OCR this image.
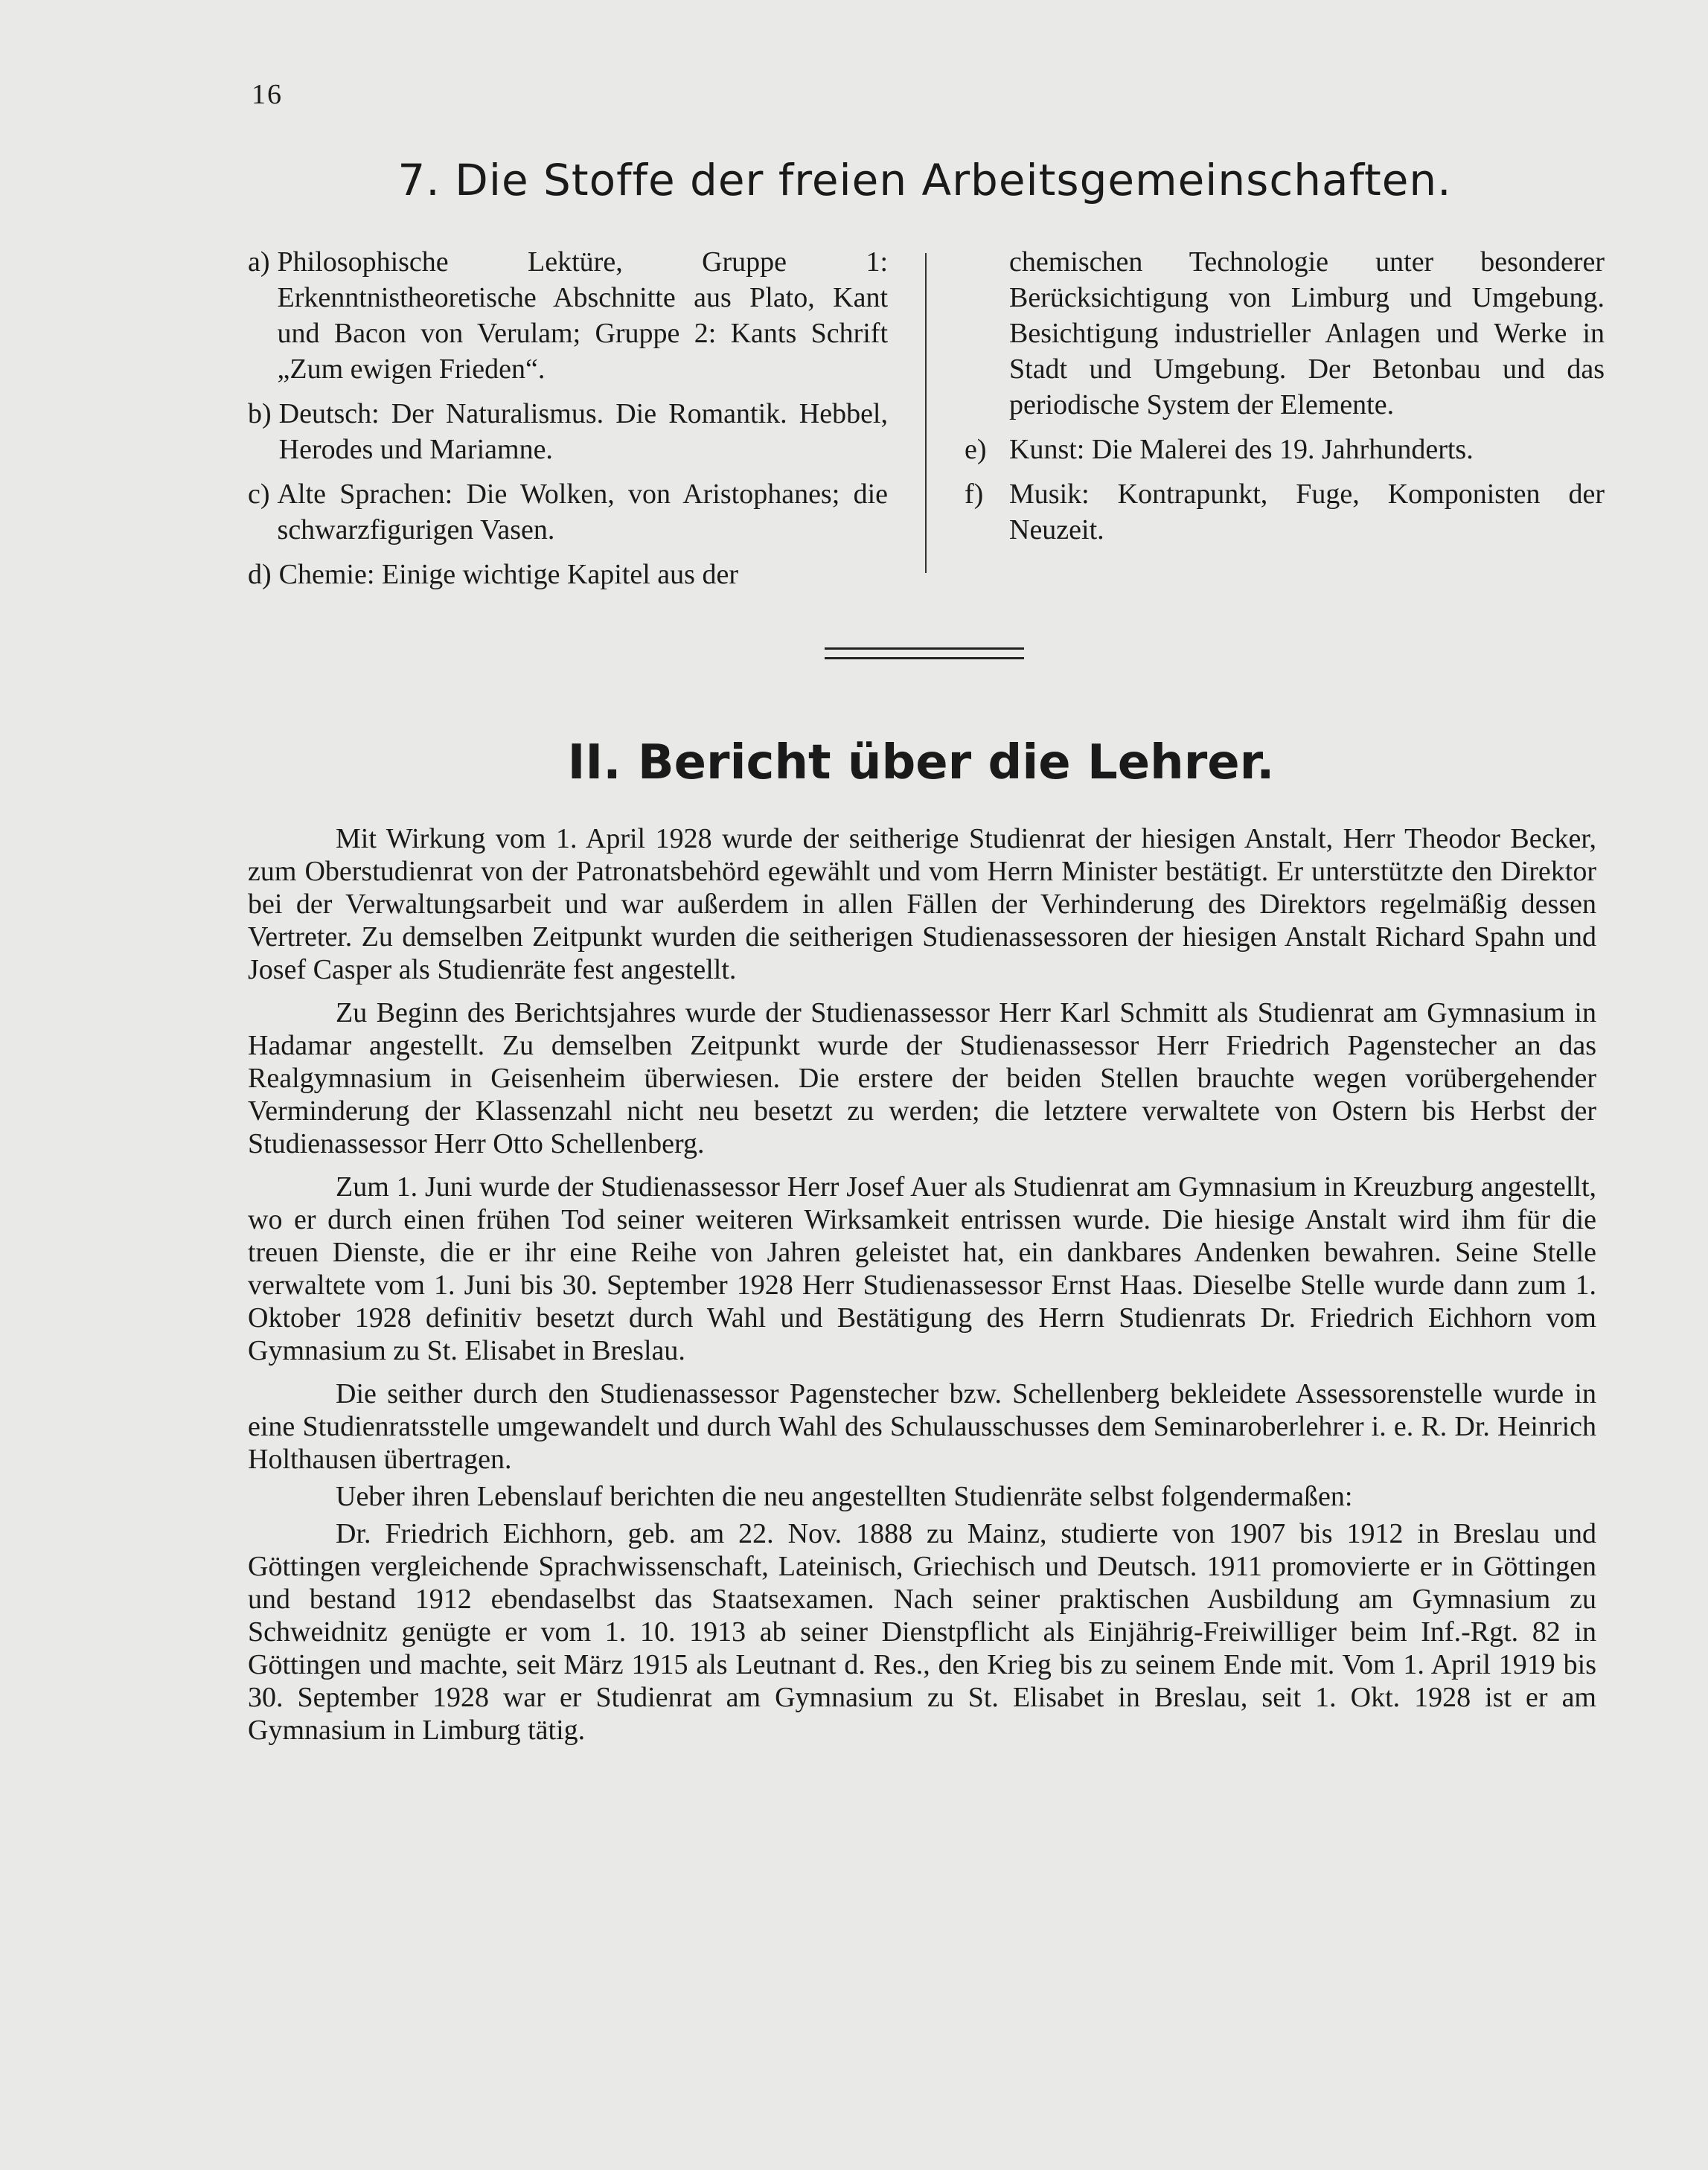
16
7. Die Stoffe der freien Arbeitsgemeinschaften.
a) Philosophische Lektüre, Gruppe 1: Erkenntnistheoretische Abschnitte aus Plato, Kant und Bacon von Verulam; Gruppe 2: Kants Schrift „Zum ewigen Frieden“.
b) Deutsch: Der Naturalismus. Die Romantik. Hebbel, Herodes und Mariamne.
c) Alte Sprachen: Die Wolken, von Aristophanes; die schwarzfigurigen Vasen.
d) Chemie: Einige wichtige Kapitel aus der
chemischen Technologie unter besonderer Berücksichtigung von Limburg und Umgebung. Besichtigung industrieller Anlagen und Werke in Stadt und Umgebung. Der Betonbau und das periodische System der Elemente.
e) Kunst: Die Malerei des 19. Jahrhunderts.
f) Musik: Kontrapunkt, Fuge, Komponisten der Neuzeit.
II. Bericht über die Lehrer.

Mit Wirkung vom 1. April 1928 wurde der seitherige Studienrat der hiesigen Anstalt, Herr Theodor Becker, zum Oberstudienrat von der Patronatsbehörd egewählt und vom Herrn Minister bestätigt. Er unterstützte den Direktor bei der Verwaltungsarbeit und war außerdem in allen Fällen der Verhinderung des Direktors regelmäßig dessen Vertreter. Zu demselben Zeitpunkt wurden die seitherigen Studienassessoren der hiesigen Anstalt Richard Spahn und Josef Casper als Studienräte fest angestellt.

Zu Beginn des Berichtsjahres wurde der Studienassessor Herr Karl Schmitt als Studienrat am Gymnasium in Hadamar angestellt. Zu demselben Zeitpunkt wurde der Studienassessor Herr Friedrich Pagenstecher an das Realgymnasium in Geisenheim überwiesen. Die erstere der beiden Stellen brauchte wegen vorübergehender Verminderung der Klassenzahl nicht neu besetzt zu werden; die letztere verwaltete von Ostern bis Herbst der Studienassessor Herr Otto Schellenberg.

Zum 1. Juni wurde der Studienassessor Herr Josef Auer als Studienrat am Gymnasium in Kreuzburg angestellt, wo er durch einen frühen Tod seiner weiteren Wirksamkeit entrissen wurde. Die hiesige Anstalt wird ihm für die treuen Dienste, die er ihr eine Reihe von Jahren geleistet hat, ein dankbares Andenken bewahren. Seine Stelle verwaltete vom 1. Juni bis 30. September 1928 Herr Studienassessor Ernst Haas. Dieselbe Stelle wurde dann zum 1. Oktober 1928 definitiv besetzt durch Wahl und Bestätigung des Herrn Studienrats Dr. Friedrich Eichhorn vom Gymnasium zu St. Elisabet in Breslau.

Die seither durch den Studienassessor Pagenstecher bzw. Schellenberg bekleidete Assessorenstelle wurde in eine Studienratsstelle umgewandelt und durch Wahl des Schulausschusses dem Seminaroberlehrer i. e. R. Dr. Heinrich Holthausen übertragen.

Ueber ihren Lebenslauf berichten die neu angestellten Studienräte selbst folgendermaßen:

Dr. Friedrich Eichhorn, geb. am 22. Nov. 1888 zu Mainz, studierte von 1907 bis 1912 in Breslau und Göttingen vergleichende Sprachwissenschaft, Lateinisch, Griechisch und Deutsch. 1911 promovierte er in Göttingen und bestand 1912 ebendaselbst das Staatsexamen. Nach seiner praktischen Ausbildung am Gymnasium zu Schweidnitz genügte er vom 1. 10. 1913 ab seiner Dienstpflicht als Einjährig-Freiwilliger beim Inf.-Rgt. 82 in Göttingen und machte, seit März 1915 als Leutnant d. Res., den Krieg bis zu seinem Ende mit. Vom 1. April 1919 bis 30. September 1928 war er Studienrat am Gymnasium zu St. Elisabet in Breslau, seit 1. Okt. 1928 ist er am Gymnasium in Limburg tätig.
